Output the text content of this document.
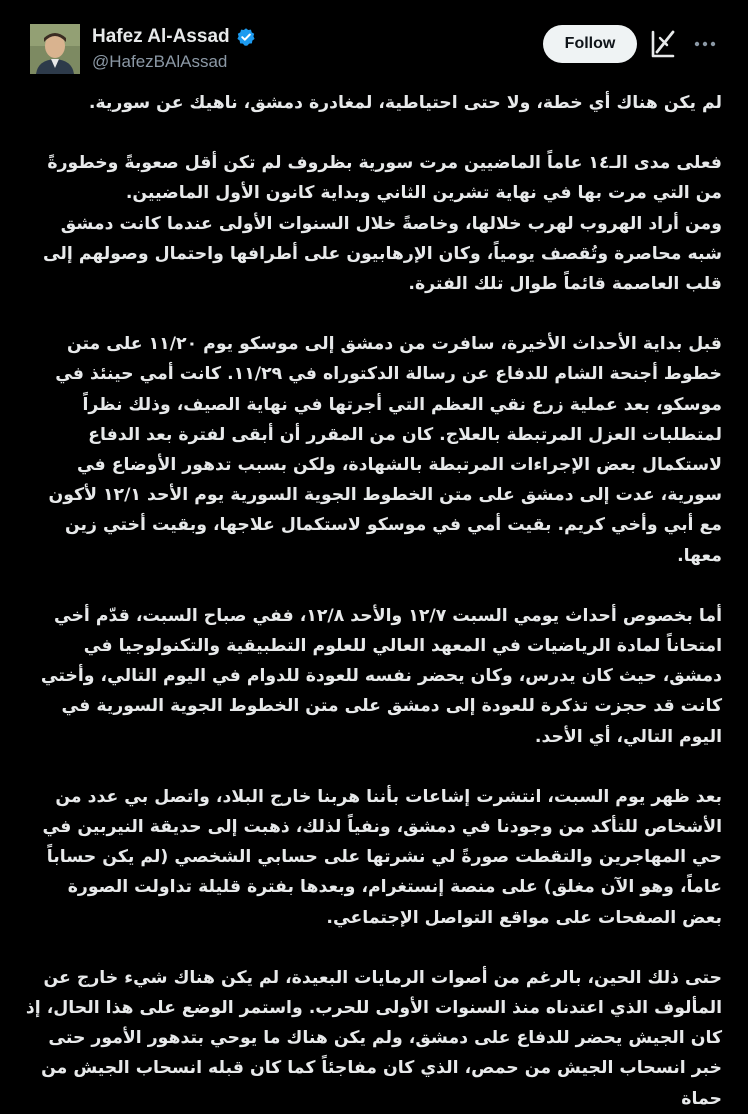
Hafez Al-Assad
@HafezBAlAssad
Follow
لم يكن هناك أي خطة، ولا حتى احتياطية، لمغادرة دمشق، ناهيك عن سورية.
فعلى مدى الـ١٤ عاماً الماضيين مرت سورية بظروف لم تكن أقل صعوبةً وخطورةً من التي مرت بها في نهاية تشرين الثاني وبداية كانون الأول الماضيين.
ومن أراد الهروب لهرب خلالها، وخاصةً خلال السنوات الأولى عندما كانت دمشق شبه محاصرة وتُقصف يومياً، وكان الإرهابيون على أطرافها واحتمال وصولهم إلى قلب العاصمة قائماً طوال تلك الفترة.
قبل بداية الأحداث الأخيرة، سافرت من دمشق إلى موسكو يوم ١١/٢٠ على متن خطوط أجنحة الشام للدفاع عن رسالة الدكتوراه في ١١/٢٩. كانت أمي حينئذ في موسكو، بعد عملية زرع نقي العظم التي أجرتها في نهاية الصيف، وذلك نظراً لمتطلبات العزل المرتبطة بالعلاج. كان من المقرر أن أبقى لفترة بعد الدفاع لاستكمال بعض الإجراءات المرتبطة بالشهادة، ولكن بسبب تدهور الأوضاع في سورية، عدت إلى دمشق على متن الخطوط الجوية السورية يوم الأحد ١٢/١ لأكون مع أبي وأخي كريم. بقيت أمي في موسكو لاستكمال علاجها، وبقيت أختي زين معها.
أما بخصوص أحداث يومي السبت ١٢/٧ والأحد ١٢/٨، ففي صباح السبت، قدّم أخي امتحاناً لمادة الرياضيات في المعهد العالي للعلوم التطبيقية والتكنولوجيا في دمشق، حيث كان يدرس، وكان يحضر نفسه للعودة للدوام في اليوم التالي، وأختي كانت قد حجزت تذكرة للعودة إلى دمشق على متن الخطوط الجوية السورية في اليوم التالي، أي الأحد.
بعد ظهر يوم السبت، انتشرت إشاعات بأننا هربنا خارج البلاد، واتصل بي عدد من الأشخاص للتأكد من وجودنا في دمشق، ونفياً لذلك، ذهبت إلى حديقة النيربين في حي المهاجرين والتقطت صورةً لي نشرتها على حسابي الشخصي (لم يكن حساباً عاماً، وهو الآن مغلق) على منصة إنستغرام، وبعدها بفترة قليلة تداولت الصورة بعض الصفحات على مواقع التواصل الإجتماعي.
حتى ذلك الحين، بالرغم من أصوات الرمايات البعيدة، لم يكن هناك شيء خارج عن المألوف الذي اعتدناه منذ السنوات الأولى للحرب. واستمر الوضع على هذا الحال، إذ كان الجيش يحضر للدفاع على دمشق، ولم يكن هناك ما يوحي بتدهور الأمور حتى خبر انسحاب الجيش من حمص، الذي كان مفاجئاً كما كان قبله انسحاب الجيش من حماة
